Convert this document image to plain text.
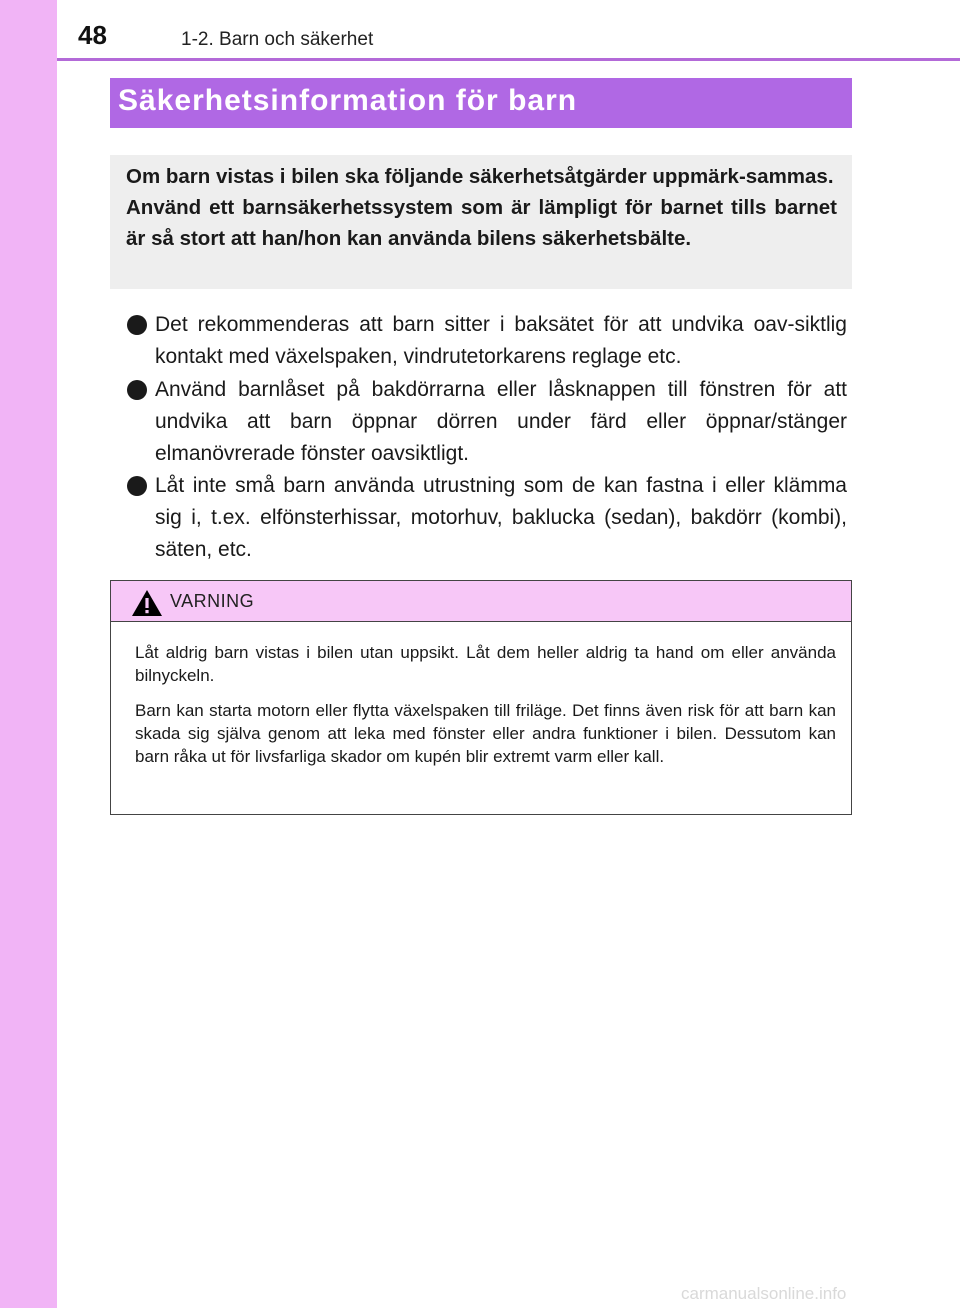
48	1-2. Barn och säkerhet
Säkerhetsinformation för barn

Om barn vistas i bilen ska följande säkerhetsåtgärder uppmärk-sammas.

Använd ett barnsäkerhetssystem som är lämpligt för barnet tills barnet är så stort att han/hon kan använda bilens säkerhetsbälte.

Det rekommenderas att barn sitter i baksätet för att undvika oav-siktlig kontakt med växelspaken, vindrutetorkarens reglage etc.
Använd barnlåset på bakdörrarna eller låsknappen till fönstren för att undvika att barn öppnar dörren under färd eller öppnar/stänger elmanövrerade fönster oavsiktligt.
Låt inte små barn använda utrustning som de kan fastna i eller klämma sig i, t.ex. elfönsterhissar, motorhuv, baklucka (sedan), bakdörr (kombi), säten, etc.
VARNING

Låt aldrig barn vistas i bilen utan uppsikt. Låt dem heller aldrig ta hand om eller använda bilnyckeln.

Barn kan starta motorn eller flytta växelspaken till friläge. Det finns även risk för att barn kan skada sig själva genom att leka med fönster eller andra funktioner i bilen. Dessutom kan barn råka ut för livsfarliga skador om kupén blir extremt varm eller kall.

carmanualsonline.info
